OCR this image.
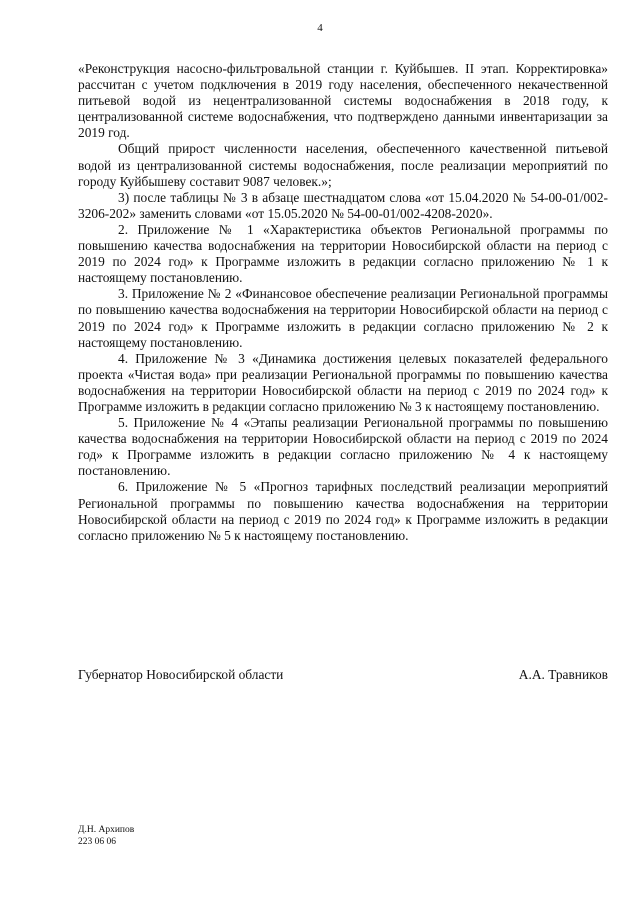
4

«Реконструкция насосно-фильтровальной станции г. Куйбышев. II этап. Корректировка» рассчитан с учетом подключения в 2019 году населения, обеспеченного некачественной питьевой водой из нецентрализованной системы водоснабжения в 2018 году, к централизованной системе водоснабжения, что подтверждено данными инвентаризации за 2019 год.

Общий прирост численности населения, обеспеченного качественной питьевой водой из централизованной системы водоснабжения, после реализации мероприятий по городу Куйбышеву составит 9087 человек.»;

3) после таблицы № 3 в абзаце шестнадцатом слова «от 15.04.2020 № 54-00-01/002-3206-202» заменить словами «от 15.05.2020 № 54-00-01/002-4208-2020».

2. Приложение № 1 «Характеристика объектов Региональной программы по повышению качества водоснабжения на территории Новосибирской области на период с 2019 по 2024 год» к Программе изложить в редакции согласно приложению № 1 к настоящему постановлению.

3. Приложение № 2 «Финансовое обеспечение реализации Региональной программы по повышению качества водоснабжения на территории Новосибирской области на период с 2019 по 2024 год» к Программе изложить в редакции согласно приложению № 2 к настоящему постановлению.

4. Приложение № 3 «Динамика достижения целевых показателей федерального проекта «Чистая вода» при реализации Региональной программы по повышению качества водоснабжения на территории Новосибирской области на период с 2019 по 2024 год» к Программе изложить в редакции согласно приложению № 3 к настоящему постановлению.

5. Приложение № 4 «Этапы реализации Региональной программы по повышению качества водоснабжения на территории Новосибирской области на период с 2019 по 2024 год» к Программе изложить в редакции согласно приложению № 4 к настоящему постановлению.

6. Приложение № 5 «Прогноз тарифных последствий реализации мероприятий Региональной программы по повышению качества водоснабжения на территории Новосибирской области на период с 2019 по 2024 год» к Программе изложить в редакции согласно приложению № 5 к настоящему постановлению.

Губернатор Новосибирской области	А.А. Травников
Д.Н. Архипов
223 06 06
